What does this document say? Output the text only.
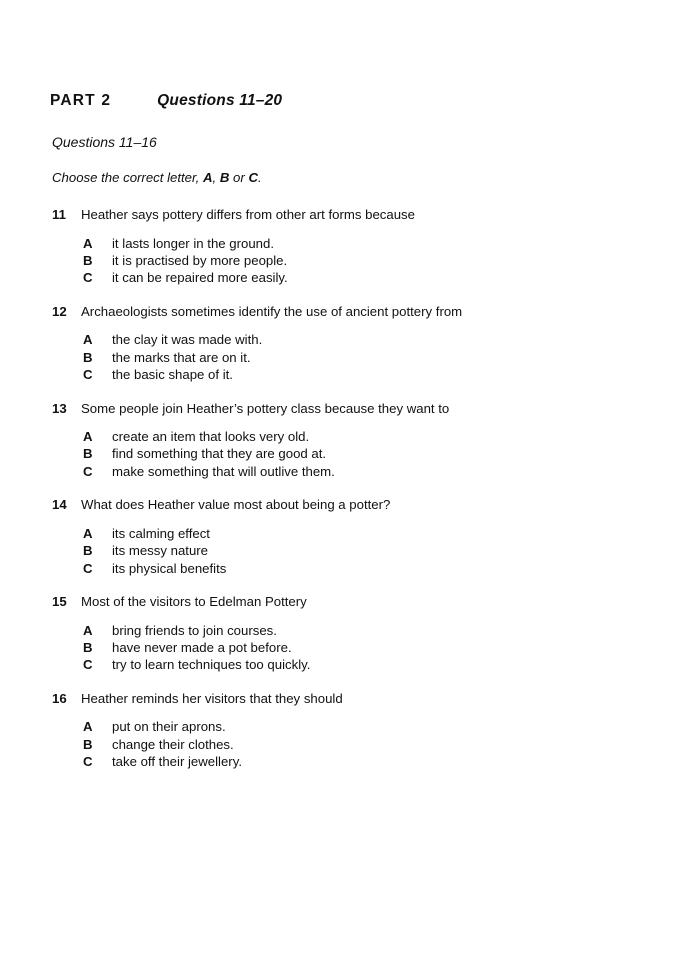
PART 2	Questions 11–20
Questions 11–16
Choose the correct letter, A, B or C.
11	Heather says pottery differs from other art forms because
A	it lasts longer in the ground.
B	it is practised by more people.
C	it can be repaired more easily.
12	Archaeologists sometimes identify the use of ancient pottery from
A	the clay it was made with.
B	the marks that are on it.
C	the basic shape of it.
13	Some people join Heather’s pottery class because they want to
A	create an item that looks very old.
B	find something that they are good at.
C	make something that will outlive them.
14	What does Heather value most about being a potter?
A	its calming effect
B	its messy nature
C	its physical benefits
15	Most of the visitors to Edelman Pottery
A	bring friends to join courses.
B	have never made a pot before.
C	try to learn techniques too quickly.
16	Heather reminds her visitors that they should
A	put on their aprons.
B	change their clothes.
C	take off their jewellery.
